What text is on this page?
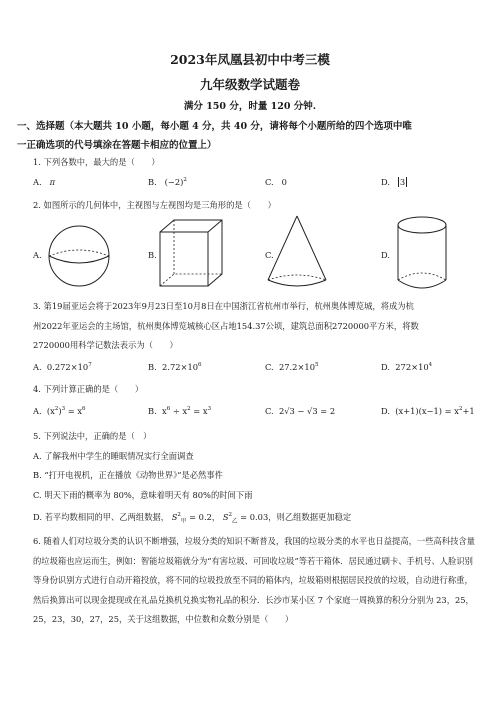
2023年凤凰县初中中考三模
九年级数学试题卷
满分 150 分，时量 120 分钟.
一、选择题（本大题共 10 小题，每小题 4 分，共 40 分，请将每个小题所给的四个选项中唯
一正确选项的代号填涂在答题卡相应的位置上）
1. 下列各数中，最大的是（　　）
A. π	B. $(-2)^2$	C. 0	D. 3
2. 如图所示的几何体中，主视图与左视图均是三角形的是（　　）
A.	B.	C.	D.
3. 第19届亚运会将于2023年9月23日至10月8日在中国浙江省杭州市举行，杭州奥体博览城，将成为杭
州2022年亚运会的主场馆，杭州奥体博览城核心区占地154.37公顷，建筑总面积2720000平方米，将数
2720000用科学记数法表示为（　　）
A. $0.272\times 10^7$	B. $2.72\times 10^6$	C. $27.2\times 10^5$	D. $272\times 10^4$
4. 下列计算正确的是（　　）
A. $(x^2)^3 = x^6$	B. $x^6 \div x^2 = x^3$	C. 2√3 − √3 = 2	D. $(x+1)(x-1) = x^2+1$
5. 下列说法中，正确的是（　）
A. 了解我州中学生的睡眠情况实行全面调查
B. “打开电视机，正在播放《动物世界》”是必然事件
C. 明天下雨的概率为 80%，意味着明天有 80%的时间下雨
D. 若平均数相同的甲、乙两组数据， $S^2_甲 = 0.2$， $S^2_乙 = 0.03$，则乙组数据更加稳定
6. 随着人们对垃圾分类的认识不断增强，垃圾分类的知识不断普及，我国的垃圾分类的水平也日益提高，一些高科技含量的垃圾箱也应运而生，例如：智能垃圾箱就分为“有害垃圾、可回收垃圾”等若干箱体．居民通过刷卡、手机号、人脸识别等身份识别方式进行自动开箱投放，将不同的垃圾投放至不同的箱体内，垃圾箱则根据居民投放的垃圾，自动进行称重，然后换算出可以现金提现或在礼品兑换机兑换实物礼品的积分．长沙市某小区 7 个家庭一周换算的积分分别为 23，25，25，23，30，27，25，关于这组数据，中位数和众数分别是（　　）
